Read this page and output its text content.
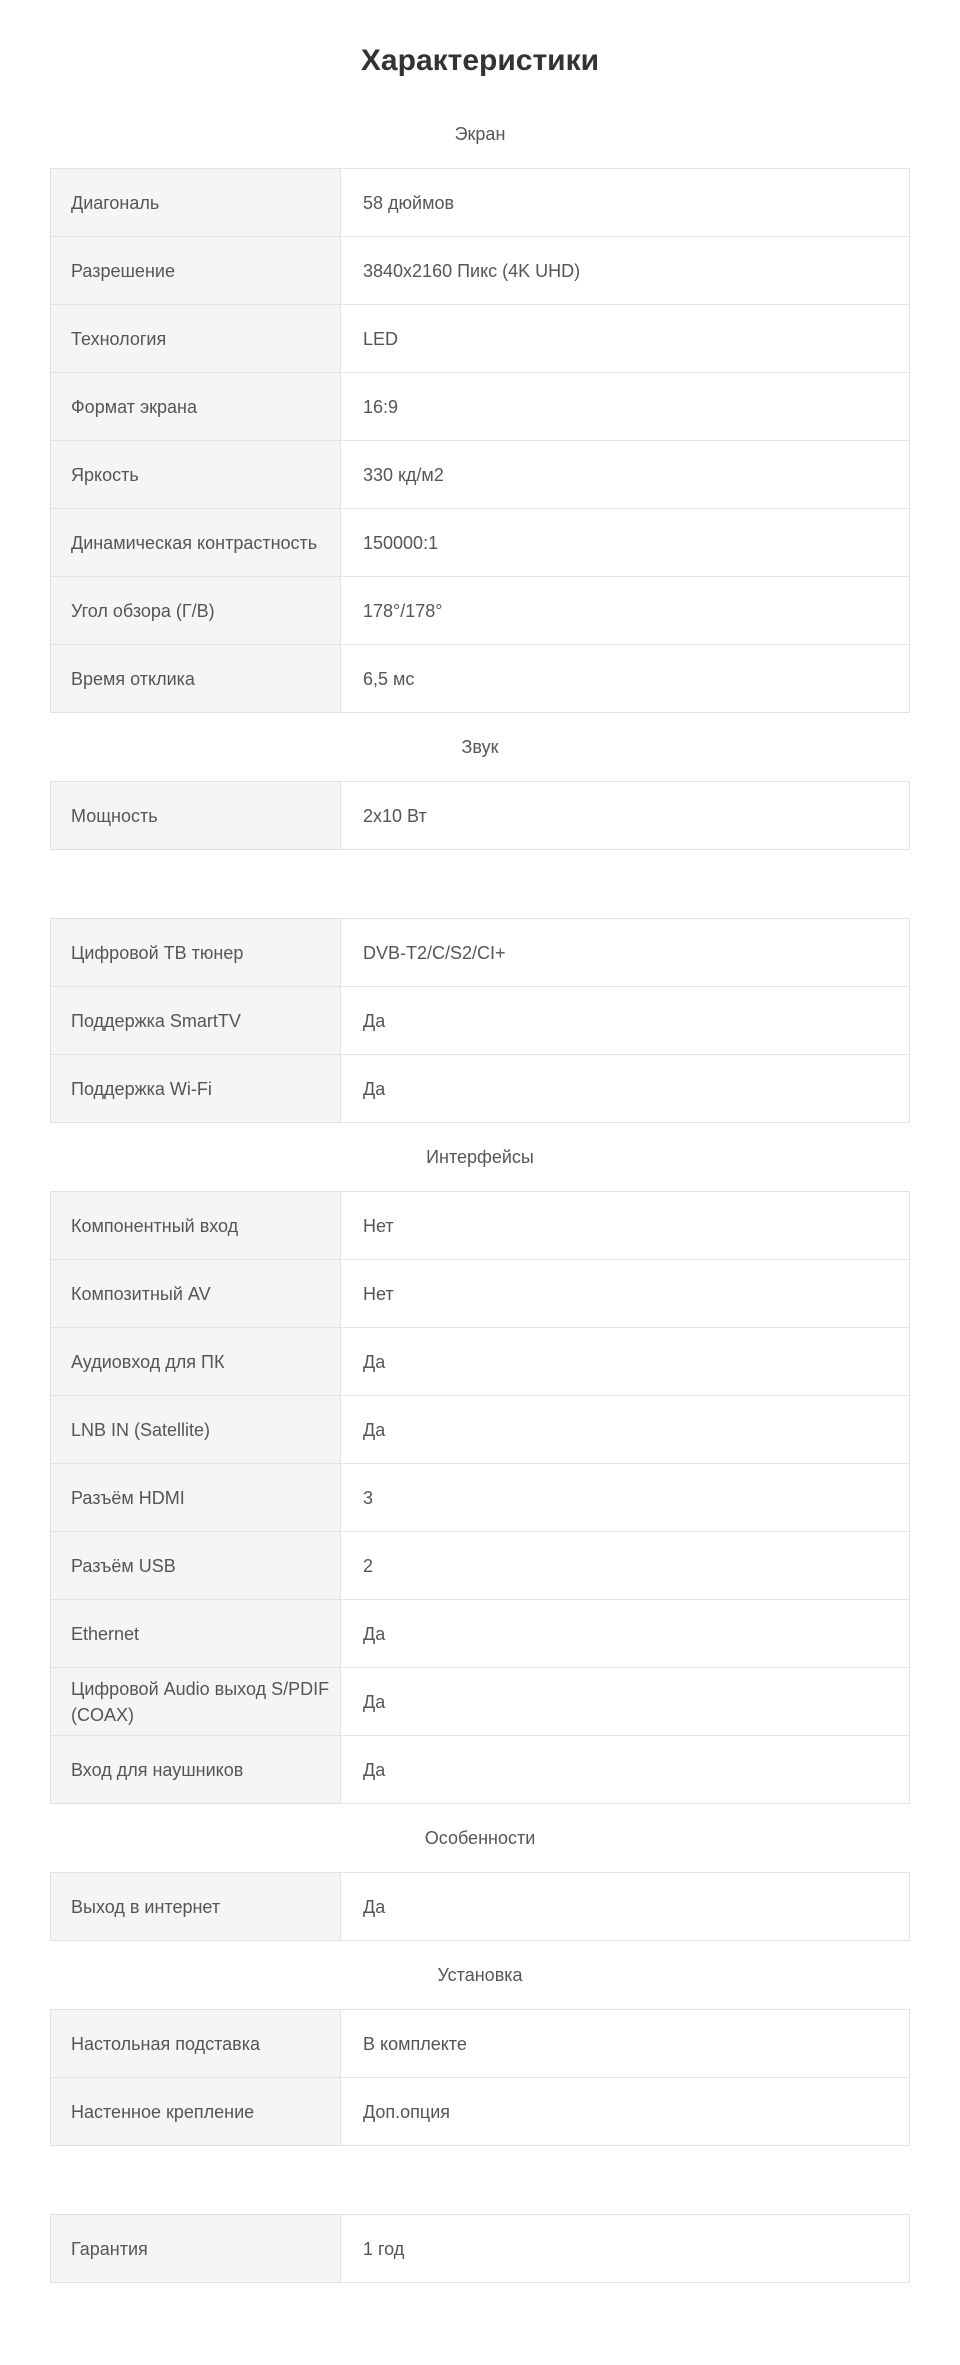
Характеристики
Экран
Диагональ	58 дюймов
Разрешение	3840x2160 Пикс (4K UHD)
Технология	LED
Формат экрана	16:9
Яркость	330 кд/м2
Динамическая контрастность	150000:1
Угол обзора (Г/В)	178°/178°
Время отклика	6,5 мс
Звук
Мощность	2x10 Вт
Цифровой ТВ тюнер	DVB-T2/C/S2/CI+
Поддержка SmartTV	Да
Поддержка Wi-Fi	Да
Интерфейсы
Компонентный вход	Нет
Композитный AV	Нет
Аудиовход для ПК	Да
LNB IN (Satellite)	Да
Разъём HDMI	3
Разъём USB	2
Ethernet	Да
Цифровой Audio выход S/PDIF (COAX)	Да
Вход для наушников	Да
Особенности
Выход в интернет	Да
Установка
Настольная подставка	В комплекте
Настенное крепление	Доп.опция
Гарантия	1 год
